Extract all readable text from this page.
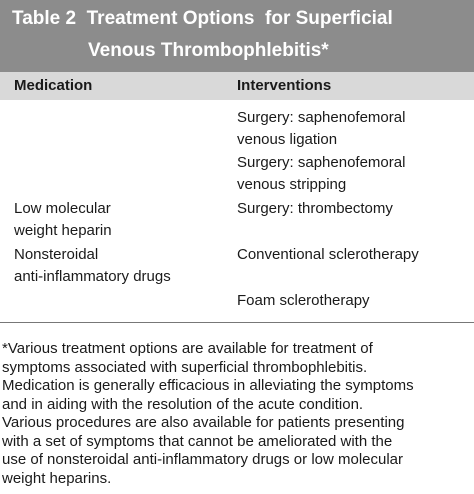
Table 2  Treatment Options  for Superficial
Venous Thrombophlebitis*
Medication	Interventions
Surgery: saphenofemoral
venous ligation
Surgery: saphenofemoral
venous stripping
Surgery: thrombectomy
Conventional sclerotherapy
Foam sclerotherapy
Low molecular
weight heparin
Nonsteroidal
anti-inflammatory drugs
*Various treatment options are available for treatment of
symptoms associated with superficial thrombophlebitis.
Medication is generally efficacious in alleviating the symptoms
and in aiding with the resolution of the acute condition.
Various procedures are also available for patients presenting
with a set of symptoms that cannot be ameliorated with the
use of nonsteroidal anti-inflammatory drugs or low molecular
weight heparins.
